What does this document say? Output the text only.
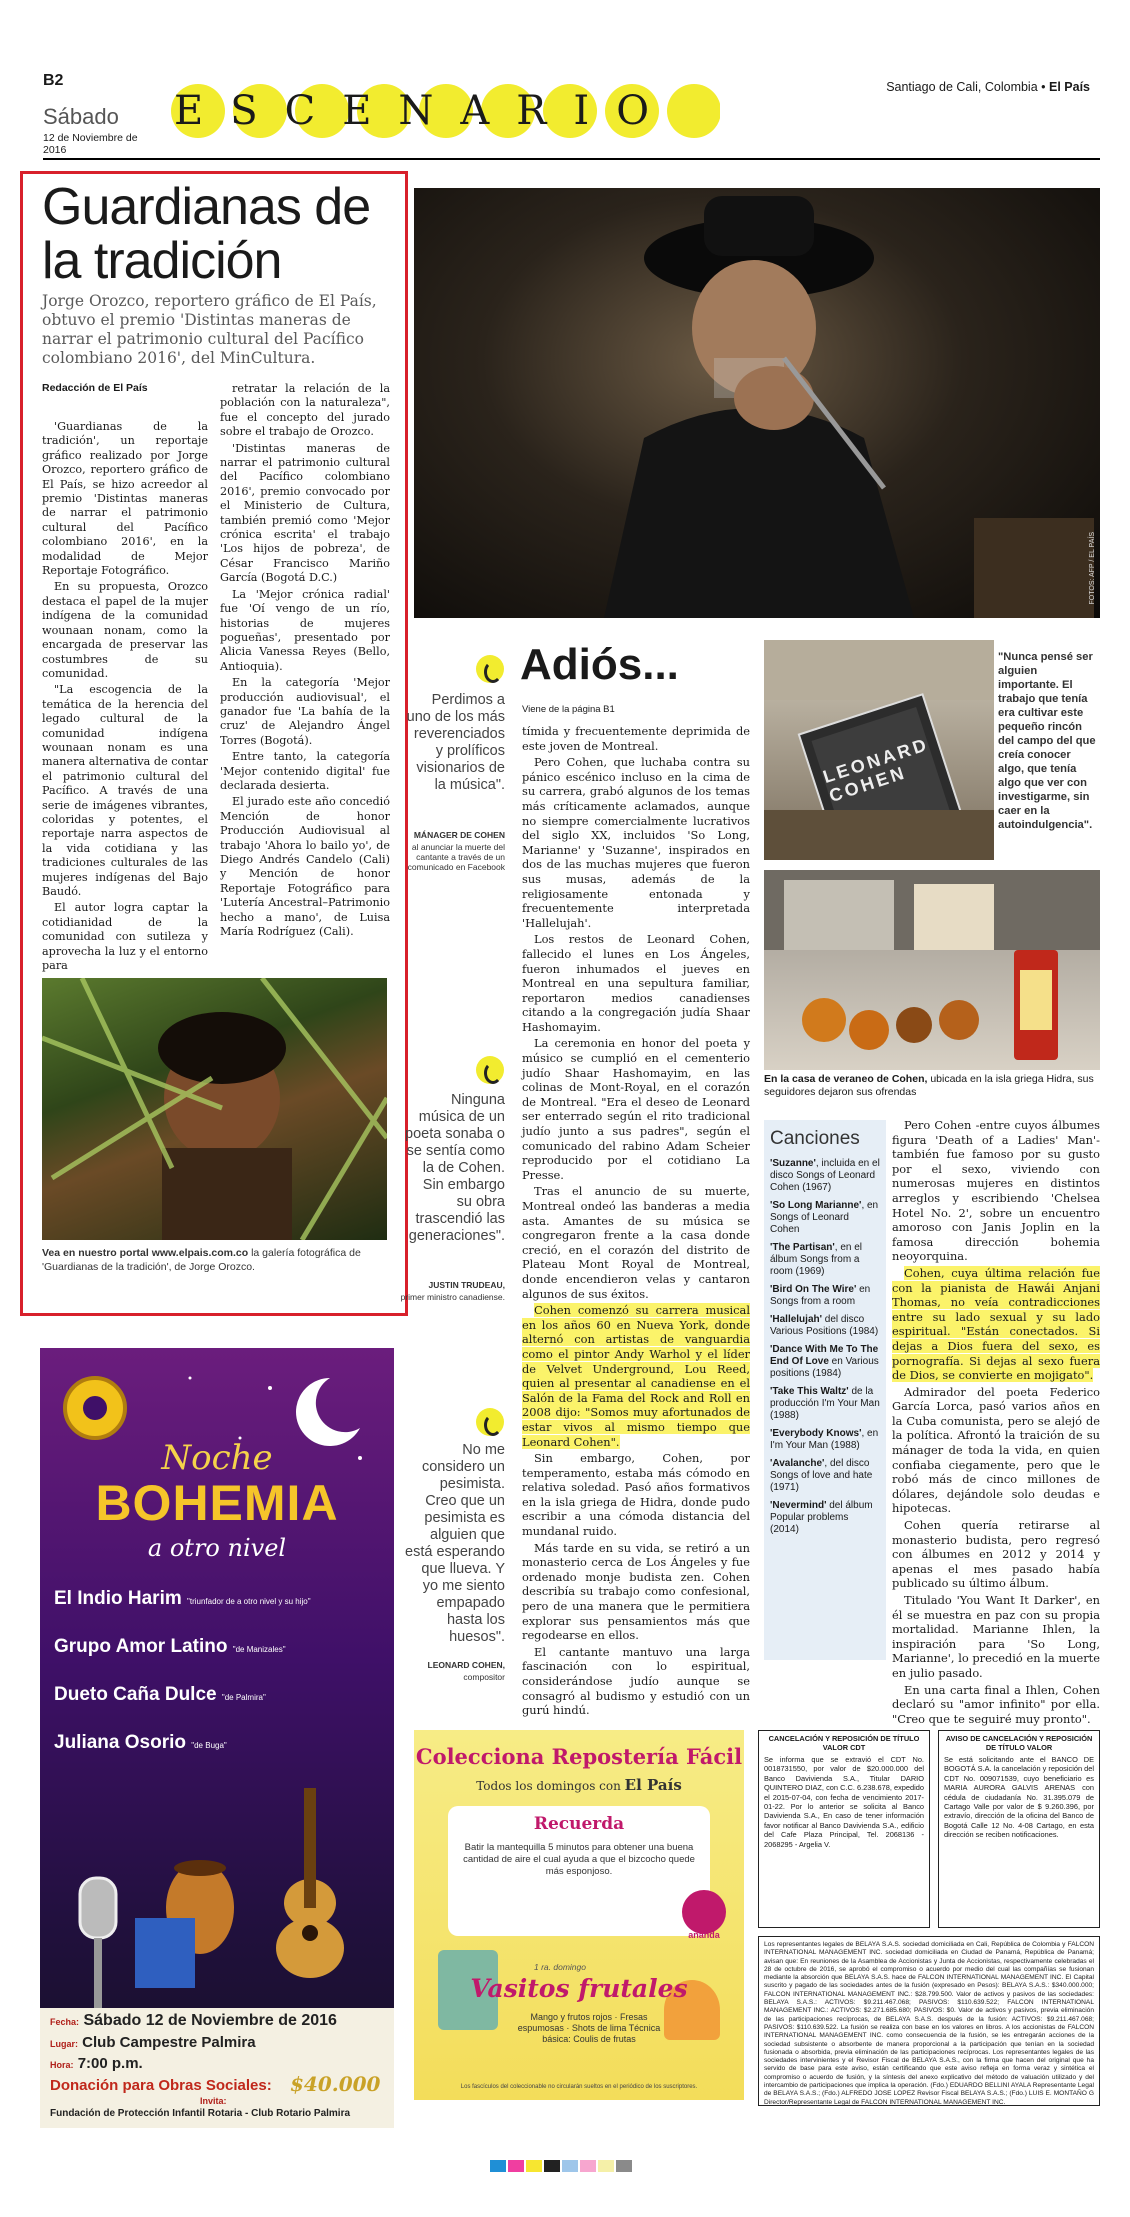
B2
Sábado
12 de Noviembre de 2016
ESCENARIO
Santiago de Cali, Colombia • El País
Guardianas de la tradición
Jorge Orozco, reportero gráfico de El País, obtuvo el premio 'Distintas maneras de narrar el patrimonio cultural del Pacífico colombiano 2016', del MinCultura.
Redacción de El País

'Guardianas de la tradición', un reportaje gráfico realizado por Jorge Orozco, reportero gráfico de El País, se hizo acreedor al premio 'Distintas maneras de narrar el patrimonio cultural del Pacífico colombiano 2016', en la modalidad de Mejor Reportaje Fotográfico.

En su propuesta, Orozco destaca el papel de la mujer indígena de la comunidad wounaan nonam, como la encargada de preservar las costumbres de su comunidad.

"La escogencia de la temática de la herencia del legado cultural de la comunidad indígena wounaan nonam es una manera alternativa de contar el patrimonio cultural del Pacífico. A través de una serie de imágenes vibrantes, coloridas y potentes, el reportaje narra aspectos de la vida cotidiana y las tradiciones culturales de las mujeres indígenas del Bajo Baudó.

El autor logra captar la cotidianidad de la comunidad con sutileza y aprovecha la luz y el entorno para

retratar la relación de la población con la naturaleza", fue el concepto del jurado sobre el trabajo de Orozco.

'Distintas maneras de narrar el patrimonio cultural del Pacífico colombiano 2016', premio convocado por el Ministerio de Cultura, también premió como 'Mejor crónica escrita' el trabajo 'Los hijos de pobreza', de César Francisco Mariño García (Bogotá D.C.)

La 'Mejor crónica radial' fue 'Oí vengo de un río, historias de mujeres pogueñas', presentado por Alicia Vanessa Reyes (Bello, Antioquia).

En la categoría 'Mejor producción audiovisual', el ganador fue 'La bahía de la cruz' de Alejandro Ángel Torres (Bogotá).

Entre tanto, la categoría 'Mejor contenido digital' fue declarada desierta.

El jurado este año concedió Mención de honor Producción Audiovisual al trabajo 'Ahora lo bailo yo', de Diego Andrés Candelo (Cali) y Mención de honor Reportaje Fotográfico para 'Lutería Ancestral–Patrimonio hecho a mano', de Luisa María Rodríguez (Cali).

Vea en nuestro portal www.elpais.com.co la galería fotográfica de 'Guardianas de la tradición', de Jorge Orozco.
FOTOS: AFP / EL PAÍS
Perdimos a uno de los más reverenciados y prolíficos visionarios de la música".
MÁNAGER DE COHEN
al anunciar la muerte del cantante a través de un comunicado en Facebook
Ninguna música de un poeta sonaba o se sentía como la de Cohen. Sin embargo su obra trascendió las generaciones".
JUSTIN TRUDEAU,
primer ministro canadiense.
No me considero un pesimista. Creo que un pesimista es alguien que está esperando que llueva. Y yo me siento empapado hasta los huesos".
LEONARD COHEN,
compositor
Adiós...
Viene de la página B1

tímida y frecuentemente deprimida de este joven de Montreal.

Pero Cohen, que luchaba contra su pánico escénico incluso en la cima de su carrera, grabó algunos de los temas más críticamente aclamados, aunque no siempre comercialmente lucrativos del siglo XX, incluidos 'So Long, Marianne' y 'Suzanne', inspirados en dos de las muchas mujeres que fueron sus musas, además de la religiosamente entonada y frecuentemente interpretada 'Hallelujah'.

Los restos de Leonard Cohen, fallecido el lunes en Los Ángeles, fueron inhumados el jueves en Montreal en una sepultura familiar, reportaron medios canadienses citando a la congregación judía Shaar Hashomayim.

La ceremonia en honor del poeta y músico se cumplió en el cementerio judío Shaar Hashomayim, en las colinas de Mont-Royal, en el corazón de Montreal. "Era el deseo de Leonard ser enterrado según el rito tradicional judío junto a sus padres", según el comunicado del rabino Adam Scheier reproducido por el cotidiano La Presse.

Tras el anuncio de su muerte, Montreal ondeó las banderas a media asta. Amantes de su música se congregaron frente a la casa donde creció, en el corazón del distrito de Plateau Mont Royal de Montreal, donde encendieron velas y cantaron algunos de sus éxitos.

Cohen comenzó su carrera musical en los años 60 en Nueva York, donde alternó con artistas de vanguardia como el pintor Andy Warhol y el líder de Velvet Underground, Lou Reed, quien al presentar al canadiense en el Salón de la Fama del Rock and Roll en 2008 dijo: "Somos muy afortunados de estar vivos al mismo tiempo que Leonard Cohen".

Sin embargo, Cohen, por temperamento, estaba más cómodo en relativa soledad. Pasó años formativos en la isla griega de Hidra, donde pudo escribir a una cómoda distancia del mundanal ruido.

Más tarde en su vida, se retiró a un monasterio cerca de Los Ángeles y fue ordenado monje budista zen. Cohen describía su trabajo como confesional, pero de una manera que le permitiera explorar sus pensamientos más que regodearse en ellos.

El cantante mantuvo una larga fascinación con lo espiritual, considerándose judío aunque se consagró al budismo y estudió con un gurú hindú.

LEONARD COHEN
"Nunca pensé ser alguien importante. El trabajo que tenía era cultivar este pequeño rincón del campo del que creía conocer algo, que tenía algo que ver con investigarme, sin caer en la autoindulgencia".
En la casa de veraneo de Cohen, ubicada en la isla griega Hidra, sus seguidores dejaron sus ofrendas
Canciones
'Suzanne', incluida en el disco Songs of Leonard Cohen (1967)
'So Long Marianne', en Songs of Leonard Cohen
'The Partisan', en el álbum Songs from a room (1969)
'Bird On The Wire' en Songs from a room
'Hallelujah' del disco Various Positions (1984)
'Dance With Me To The End Of Love en Various positions (1984)
'Take This Waltz' de la producción I'm Your Man (1988)
'Everybody Knows', en I'm Your Man (1988)
'Avalanche', del disco Songs of love and hate (1971)
'Nevermind' del álbum Popular problems (2014)

Pero Cohen -entre cuyos álbumes figura 'Death of a Ladies' Man'- también fue famoso por su gusto por el sexo, viviendo con numerosas mujeres en distintos arreglos y escribiendo 'Chelsea Hotel No. 2', sobre un encuentro amoroso con Janis Joplin en la famosa dirección bohemia neoyorquina.

Cohen, cuya última relación fue con la pianista de Hawái Anjani Thomas, no veía contradicciones entre su lado sexual y su lado espiritual. "Están conectados. Si dejas a Dios fuera del sexo, es pornografía. Si dejas al sexo fuera de Dios, se convierte en mojigato".

Admirador del poeta Federico García Lorca, pasó varios años en la Cuba comunista, pero se alejó de la política. Afrontó la traición de su mánager de toda la vida, en quien confiaba ciegamente, pero que le robó más de cinco millones de dólares, dejándole solo deudas e hipotecas.

Cohen quería retirarse al monasterio budista, pero regresó con álbumes en 2012 y 2014 y apenas el mes pasado había publicado su último álbum.

Titulado 'You Want It Darker', en él se muestra en paz con su propia mortalidad. Marianne Ihlen, la inspiración para 'So Long, Marianne', lo precedió en la muerte en julio pasado.

En una carta final a Ihlen, Cohen declaró su "amor infinito" por ella. "Creo que te seguiré muy pronto".

Noche
BOHEMIA
a otro nivel
El Indio Harim "triunfador de a otro nivel y su hijo"
Grupo Amor Latino "de Manizales"
Dueto Caña Dulce "de Palmira"
Juliana Osorio "de Buga"
Fecha: Sábado 12 de Noviembre de 2016
Lugar: Club Campestre Palmira
Hora: 7:00 p.m.
Donación para Obras Sociales: $40.000
Invita:
Fundación de Protección Infantil Rotaria - Club Rotario Palmira
Colecciona Repostería Fácil
Todos los domingos con El País
Recuerda
Batir la mantequilla 5 minutos para obtener una buena cantidad de aire el cual ayuda a que el bizcocho quede más esponjoso.
ananda
1 ra. domingo
Vasitos frutales
Mango y frutos rojos · Fresas espumosas · Shots de lima Técnica básica: Coulis de frutas
Los fascículos del coleccionable no circularán sueltos en el periódico de los suscriptores.
CANCELACIÓN Y REPOSICIÓN DE TÍTULO VALOR CDT
Se informa que se extravió el CDT No. 0018731550, por valor de $20.000.000 del Banco Davivienda S.A., Titular DARIO QUINTERO DIAZ, con C.C. 6.238.678, expedido el 2015-07-04, con fecha de vencimiento 2017-01-22. Por lo anterior se solicita al Banco Davivienda S.A., En caso de tener información favor notificar al Banco Davivienda S.A., edificio del Cafe Plaza Principal, Tel. 2068136 - 2068295 - Argelia V.
AVISO DE CANCELACIÓN Y REPOSICIÓN DE TÍTULO VALOR
Se está solicitando ante el BANCO DE BOGOTÁ S.A. la cancelación y reposición del CDT No. 009071539, cuyo beneficiario es MARIA AURORA GALVIS ARENAS con cédula de ciudadanía No. 31.395.079 de Cartago Valle por valor de $ 9.260.396, por extravío, dirección de la oficina del Banco de Bogotá Calle 12 No. 4-08 Cartago, en esta dirección se reciben notificaciones.
Los representantes legales de BELAYA S.A.S. sociedad domiciliada en Cali, República de Colombia y FALCON INTERNATIONAL MANAGEMENT INC. sociedad domiciliada en Ciudad de Panamá, República de Panamá; avisan que: En reuniones de la Asamblea de Accionistas y Junta de Accionistas, respectivamente celebradas el 28 de octubre de 2016, se aprobó el compromiso o acuerdo por medio del cual las compañías se fusionan mediante la absorción que BELAYA S.A.S. hace de FALCON INTERNATIONAL MANAGEMENT INC. El Capital suscrito y pagado de las sociedades antes de la fusión (expresado en Pesos): BELAYA S.A.S.: $340.000.000; FALCON INTERNATIONAL MANAGEMENT INC.: $28.799.500. Valor de activos y pasivos de las sociedades: BELAYA S.A.S.: ACTIVOS: $9.211.467.068; PASIVOS: $110.639.522; FALCON INTERNATIONAL MANAGEMENT INC.: ACTIVOS: $2.271.685.680; PASIVOS: $0. Valor de activos y pasivos, previa eliminación de las participaciones recíprocas, de BELAYA S.A.S. después de la fusión: ACTIVOS: $9.211.467.068; PASIVOS: $110.639.522. La fusión se realiza con base en los valores en libros. A los accionistas de FALCON INTERNATIONAL MANAGEMENT INC. como consecuencia de la fusión, se les entregarán acciones de la sociedad subsistente o absorbente de manera proporcional a la participación que tenían en la sociedad fusionada o absorbida, previa eliminación de las participaciones recíprocas. Los representantes legales de las sociedades intervinientes y el Revisor Fiscal de BELAYA S.A.S., con la firma que hacen del original que ha servido de base para este aviso, están certificando que este aviso refleja en forma veraz y sintética el compromiso o acuerdo de fusión, y la síntesis del anexo explicativo del método de valuación utilizado y del intercambio de participaciones que implica la operación. (Fdo.) EDUARDO BELLINI AYALA Representante Legal de BELAYA S.A.S.; (Fdo.) ALFREDO JOSE LOPEZ Revisor Fiscal BELAYA S.A.S.; (Fdo.) LUIS E. MONTAÑO G Director/Representante Legal de FALCON INTERNATIONAL MANAGEMENT INC.
